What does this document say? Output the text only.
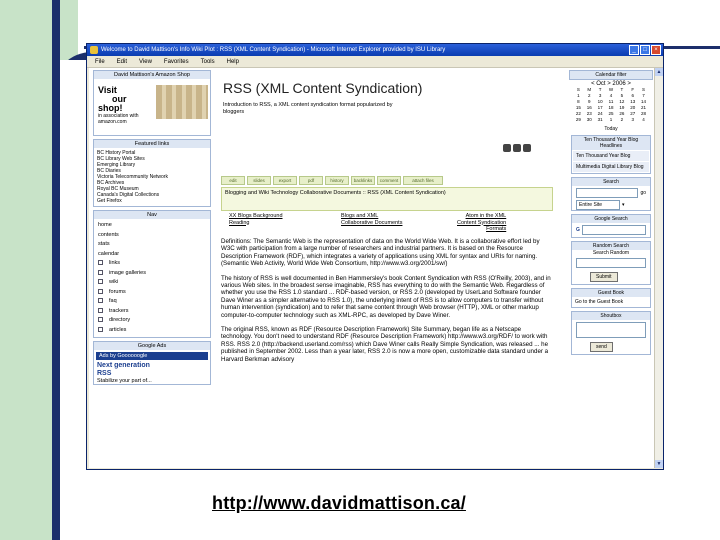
Welcome to David Mattison's Info Wiki Plot : RSS (XML Content Syndication) - Microsoft Internet Explorer provided by ISU Library	_	□	×
File Edit View Favorites Tools Help
David Mattison's Amazon Shop
Visit
our
shop!
in association with amazon.com
Featured links
BC History Portal
BC Library Web Sites
Emerging Library
BC Diaries
Victoria Telecommunity Network
BC Archives
Royal BC Museum
Canada's Digital Collections
Get Firefox
Nav
home
contents
stats
calendar
links
image galleries
wiki
forums
faq
trackers
directory
articles
Google Ads
Ads by Goooooogle
Next generation
RSS
Stabilize your part of...
RSS (XML Content Syndication)
Introduction to RSS, a XML content syndication format popularized by bloggers
edit	slides	export	pdf	history	backlinks	comment	attach files
Blogging and Wiki Technology Collaborative Documents :: RSS (XML Content Syndication)
XX Blogs Background
Reading
Blogs and XML
Collaborative Documents
Atom in the XML
Content Syndication
Formats

Definitions: The Semantic Web is the representation of data on the World Wide Web. It is a collaborative effort led by W3C with participation from a large number of researchers and industrial partners. It is based on the Resource Description Framework (RDF), which integrates a variety of applications using XML for syntax and URIs for naming. (Semantic Web Activity, World Wide Web Consortium, http://www.w3.org/2001/sw/)

The history of RSS is well documented in Ben Hammersley's book Content Syndication with RSS (O'Reilly, 2003), and in various Web sites. In the broadest sense imaginable, RSS has everything to do with the Semantic Web. Regardless of whether you use the RSS 1.0 standard ... RDF-based version, or RSS 2.0 (developed by UserLand Software founder Dave Winer as a simpler alternative to RSS 1.0), the underlying intent of RSS is to allow computers to transfer without human intervention (syndication) and to refer that same content through Web browser (HTTP), XML or other markup computer-to-computer technology such as XML-RPC, as developed by Dave Winer.

The original RSS, known as RDF (Resource Description Framework) Site Summary, began life as a Netscape technology. You don't need to understand RDF (Resource Description Framework) http://www.w3.org/RDF/ to work with RSS. RSS 2.0 (http://backend.userland.com/rss) which Dave Winer calls Really Simple Syndication, was released ... he published in September 2002. Less than a year later, RSS 2.0 is now a more open, customizable data standard under a Harvard Berkman advisory

Calendar filter
< Oct > 2006 >
S	M	T	W	T	F	S
1	2	3	4	5	6	7
8	9	10	11	12	13	14
15	16	17	18	19	20	21
22	23	24	25	26	27	28
29	30	31	1	2	3	4
Today
Ten Thousand Year Blog Headlines
Ten Thousand Year Blog
Multimedia Digital Library Blog
Search
go
Entire Site	▾
Google Search
G
Random Search
Search Random
Submit
Guest Book
Go to the Guest Book
Shoutbox
send
▲
▼
http://www.davidmattison.ca/
